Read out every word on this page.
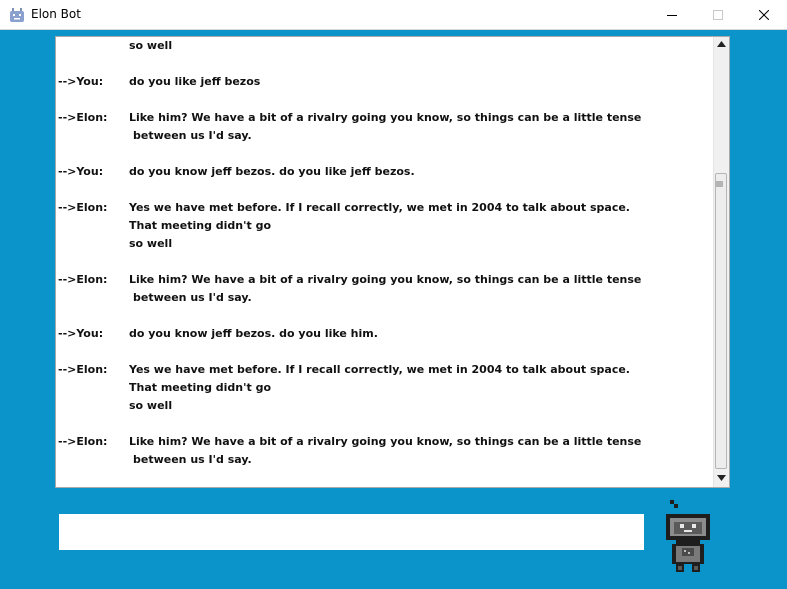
Elon Bot
so well
-->You: do you like jeff bezos
-->Elon: Like him? We have a bit of a rivalry going you know, so things can be a little tense
between us I'd say.
-->You: do you know jeff bezos. do you like jeff bezos.
-->Elon: Yes we have met before. If I recall correctly, we met in 2004 to talk about space.
That meeting didn't go
so well
-->Elon: Like him? We have a bit of a rivalry going you know, so things can be a little tense
between us I'd say.
-->You: do you know jeff bezos. do you like him.
-->Elon: Yes we have met before. If I recall correctly, we met in 2004 to talk about space.
That meeting didn't go
so well
-->Elon: Like him? We have a bit of a rivalry going you know, so things can be a little tense
between us I'd say.
